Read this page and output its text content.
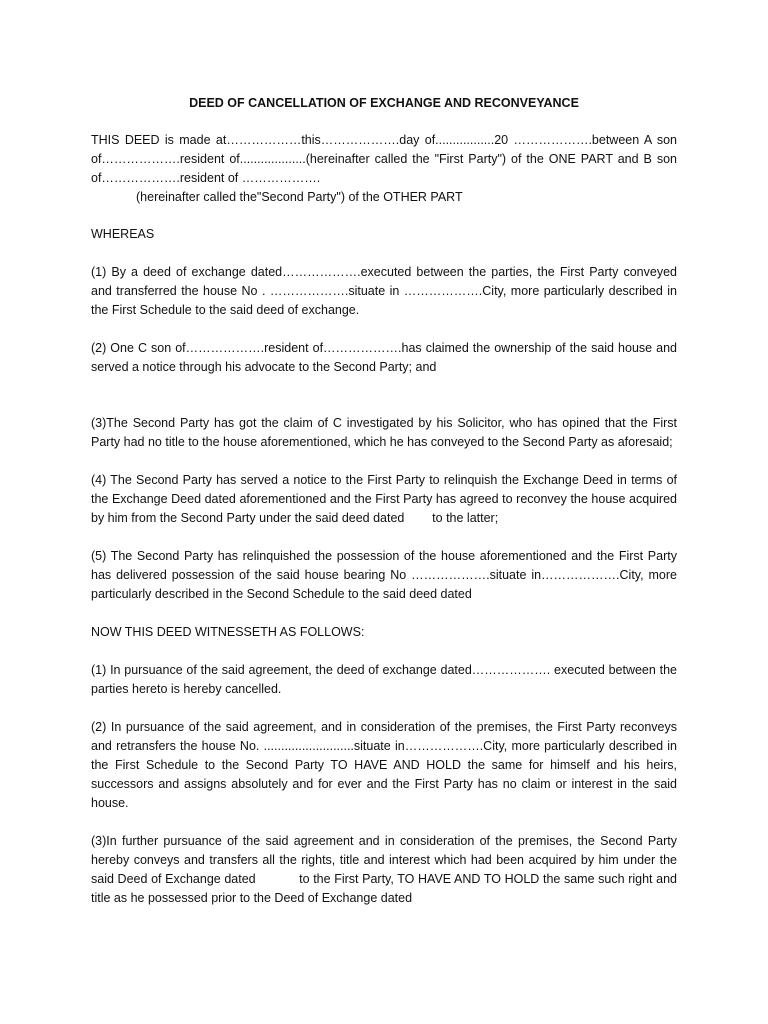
DEED OF CANCELLATION OF EXCHANGE AND RECONVEYANCE

THIS DEED is made at………………this……………….day of.................20 ……………….between A son of……………….resident of...................(hereinafter called the "First Party") of the ONE PART and B son of……………….resident of ……………….
(hereinafter called the"Second Party") of the OTHER PART

WHEREAS

(1) By a deed of exchange dated……………….executed between the parties, the First Party conveyed and transferred the house No . ……………….situate in ……………….City, more particularly described in the First Schedule to the said deed of exchange.

(2) One C son of……………….resident of……………….has claimed the ownership of the said house and served a notice through his advocate to the Second Party; and

(3)The Second Party has got the claim of C investigated by his Solicitor, who has opined that the First Party had no title to the house aforementioned, which he has conveyed to the Second Party as aforesaid;

(4) The Second Party has served a notice to the First Party to relinquish the Exchange Deed in terms of the Exchange Deed dated aforementioned and the First Party has agreed to reconvey the house acquired by him from the Second Party under the said deed dated        to the latter;

(5) The Second Party has relinquished the possession of the house aforementioned and the First Party has delivered possession of the said house bearing No ……………….situate in……………….City, more particularly described in the Second Schedule to the said deed dated

NOW THIS DEED WITNESSETH AS FOLLOWS:

(1) In pursuance of the said agreement, the deed of exchange dated………………. executed between the parties hereto is hereby cancelled.

(2) In pursuance of the said agreement, and in consideration of the premises, the First Party reconveys and retransfers the house No. ..........................situate in……………….City, more particularly described in the First Schedule to the Second Party TO HAVE AND HOLD the same for himself and his heirs, successors and assigns absolutely and for ever and the First Party has no claim or interest in the said house.

(3)In further pursuance of the said agreement and in consideration of the premises, the Second Party hereby conveys and transfers all the rights, title and interest which had been acquired by him under the said Deed of Exchange dated            to the First Party, TO HAVE AND TO HOLD the same such right and title as he possessed prior to the Deed of Exchange dated
